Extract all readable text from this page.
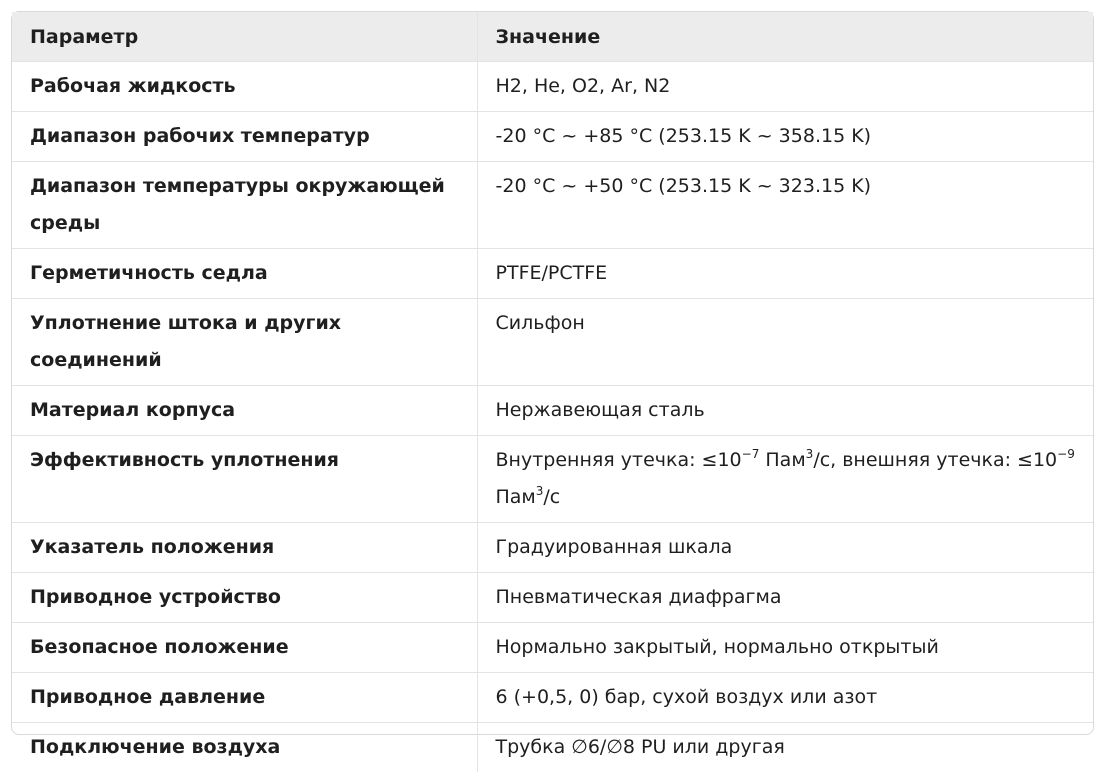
Параметр	Значение
Рабочая жидкость	H2, He, O2, Ar, N2
Диапазон рабочих температур	-20 °C ~ +85 °C (253.15 K ~ 358.15 K)
Диапазон температуры окружающей среды	-20 °C ~ +50 °C (253.15 K ~ 323.15 K)
Герметичность седла	PTFE/PCTFE
Уплотнение штока и других соединений	Сильфон
Материал корпуса	Нержавеющая сталь
Эффективность уплотнения	Внутренняя утечка: $\le 10^{-7}$ Пам$^3$/с, внешняя утечка: $\le 10^{-9}$ Пам$^3$/с
Указатель положения	Градуированная шкала
Приводное устройство	Пневматическая диафрагма
Безопасное положение	Нормально закрытый, нормально открытый
Приводное давление	6 (+0,5, 0) бар, сухой воздух или азот
Подключение воздуха	Трубка ∅6/∅8 PU или другая
